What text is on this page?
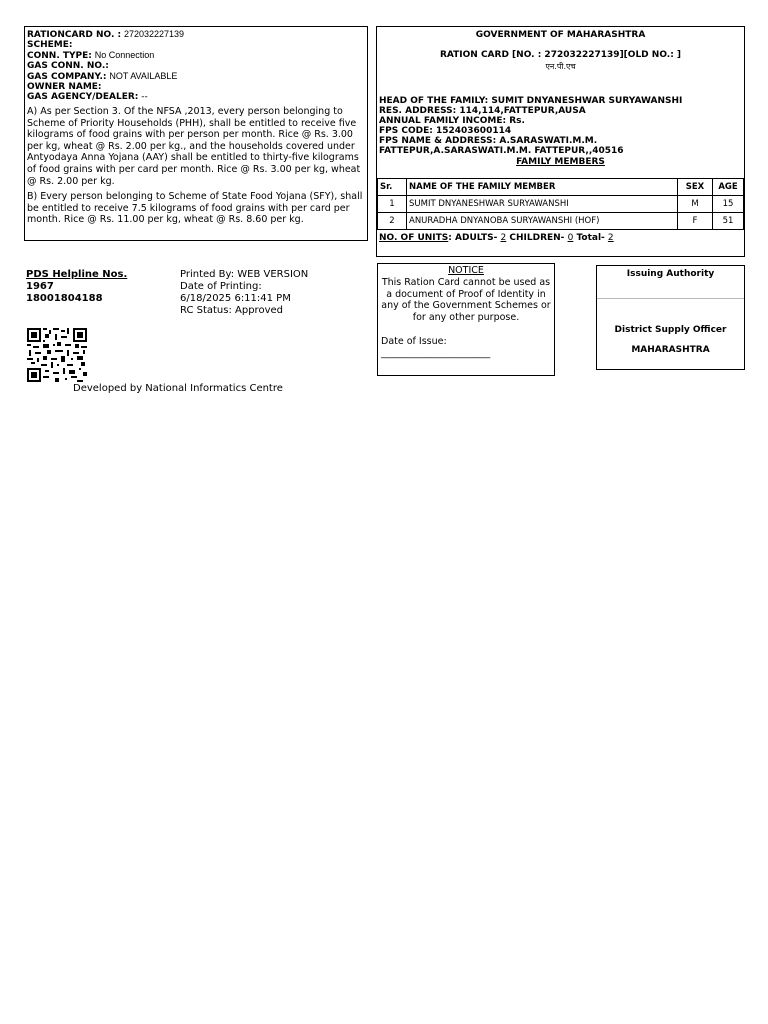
RATIONCARD NO. : 272032227139
SCHEME:
CONN. TYPE: No Connection
GAS CONN. NO.:
GAS COMPANY.: NOT AVAILABLE
OWNER NAME:
GAS AGENCY/DEALER: --
A) As per Section 3. Of the NFSA ,2013, every person belonging to Scheme of Priority Households (PHH), shall be entitled to receive five kilograms of food grains with per person per month. Rice @ Rs. 3.00 per kg, wheat @ Rs. 2.00 per kg., and the households covered under Antyodaya Anna Yojana (AAY) shall be entitled to thirty-five kilograms of food grains with per card per month. Rice @ Rs. 3.00 per kg, wheat @ Rs. 2.00 per kg.
B) Every person belonging to Scheme of State Food Yojana (SFY), shall be entitled to receive 7.5 kilograms of food grains with per card per month. Rice @ Rs. 11.00 per kg, wheat @ Rs. 8.60 per kg.
GOVERNMENT OF MAHARASHTRA
RATION CARD [NO. : 272032227139][OLD NO.: ]
एन.पी.एच
HEAD OF THE FAMILY: SUMIT DNYANESHWAR SURYAWANSHI
RES. ADDRESS: 114,114,FATTEPUR,AUSA
ANNUAL FAMILY INCOME: Rs.
FPS CODE: 152403600114
FPS NAME & ADDRESS: A.SARASWATI.M.M.
FATTEPUR,A.SARASWATI.M.M. FATTEPUR,,40516
FAMILY MEMBERS
Sr.	NAME OF THE FAMILY MEMBER	SEX	AGE
1	SUMIT DNYANESHWAR SURYAWANSHI	M	15
2	ANURADHA DNYANOBA SURYAWANSHI (HOF)	F	51
NO. OF UNITS: ADULTS- 2 CHILDREN- 0 Total- 2
PDS Helpline Nos.
1967
18001804188
Printed By: WEB VERSION
Date of Printing:
6/18/2025 6:11:41 PM
RC Status: Approved
Developed by National Informatics Centre
NOTICE
This Ration Card cannot be used as a document of Proof of Identity in any of the Government Schemes or for any other purpose.
Date of Issue:
_______________________
Issuing Authority
District Supply Officer
MAHARASHTRA
